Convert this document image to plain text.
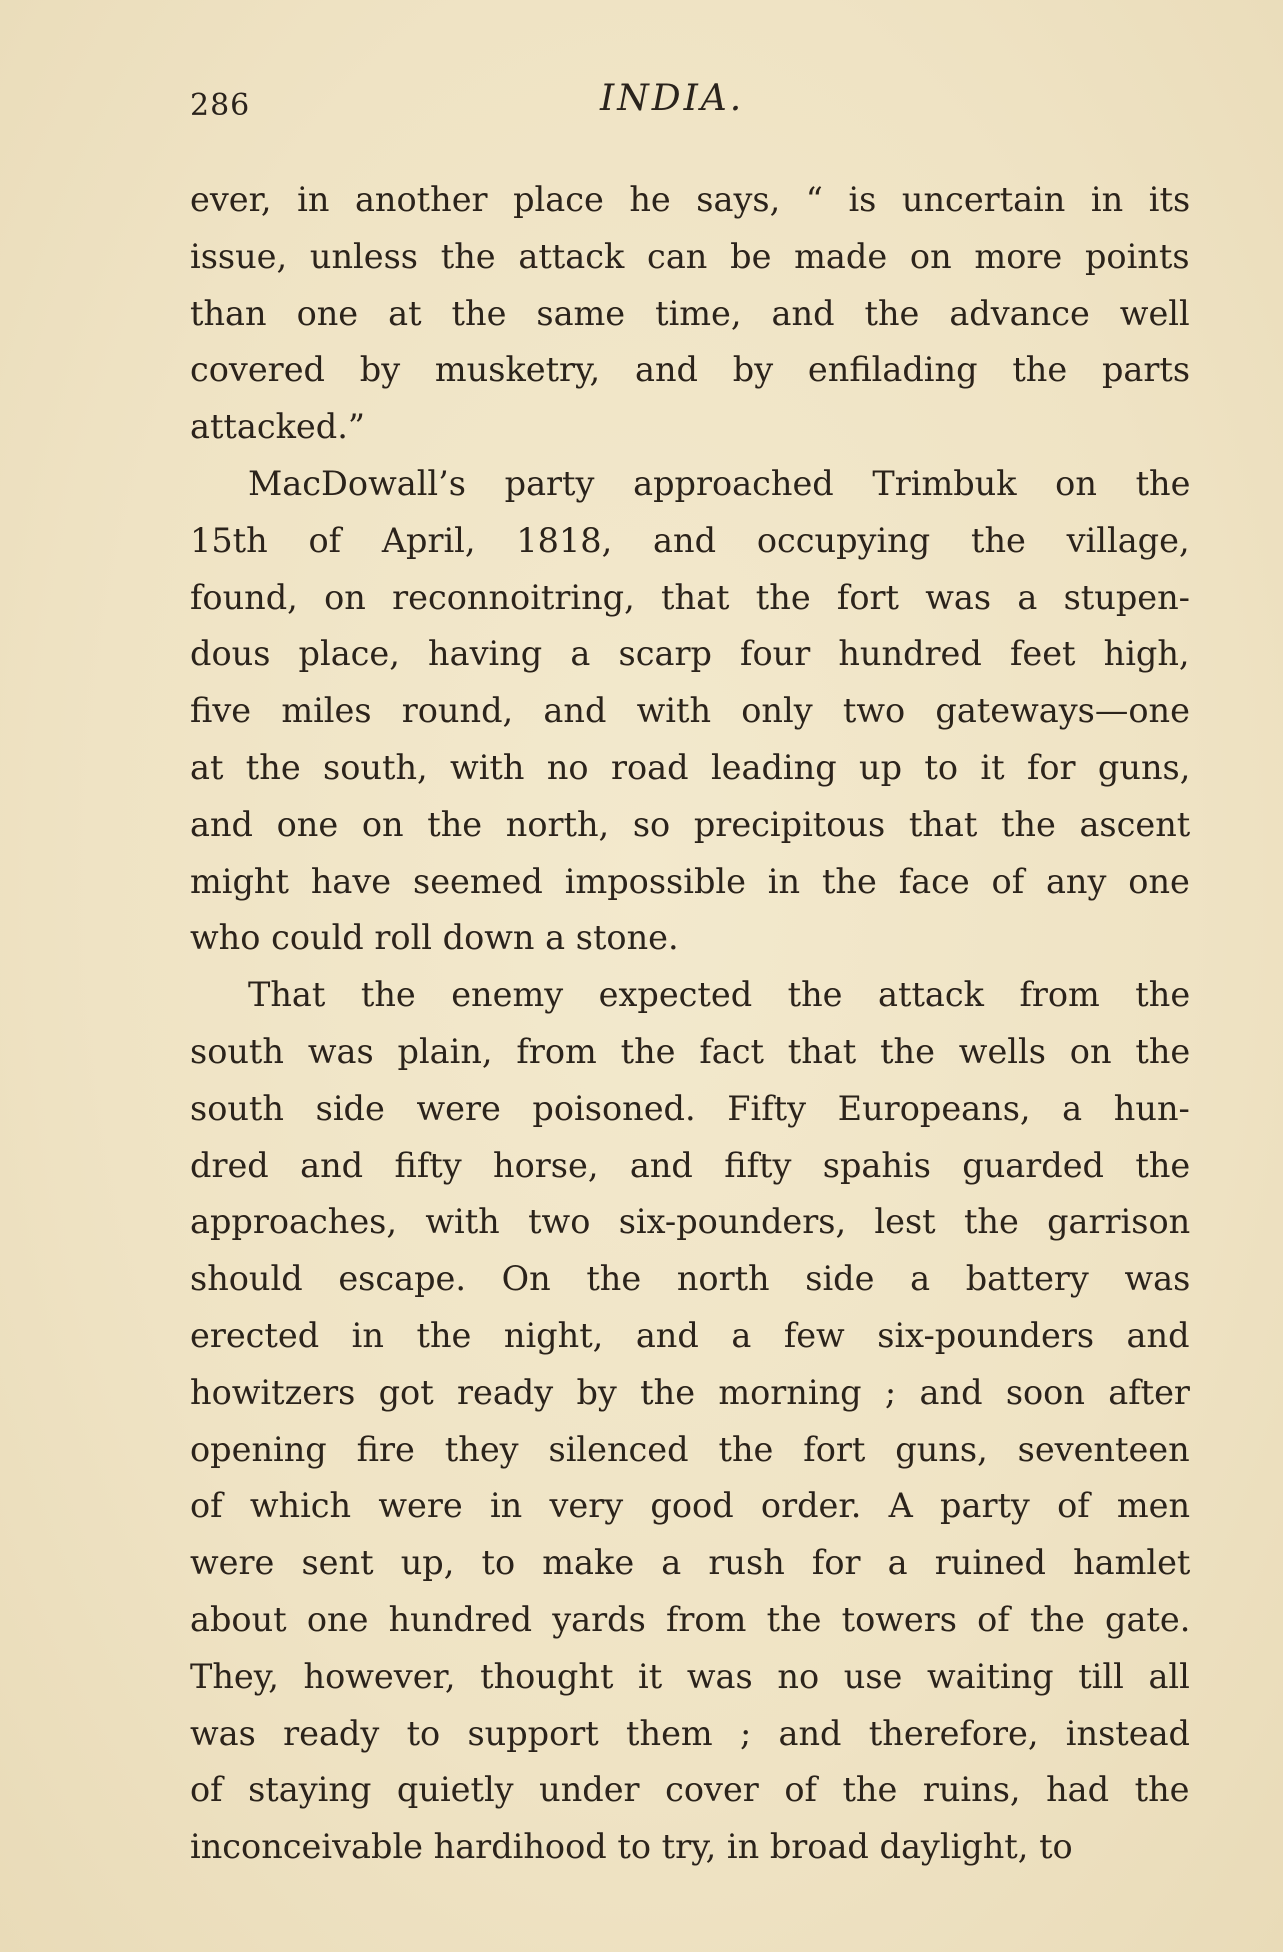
286	INDIA.
ever, in another place he says, “ is uncertain in its
issue, unless the attack can be made on more points
than one at the same time, and the advance well
covered by musketry, and by enfilading the parts
attacked.”
MacDowall’s party approached Trimbuk on the
15th of April, 1818, and occupying the village,
found, on reconnoitring, that the fort was a stupen-
dous place, having a scarp four hundred feet high,
five miles round, and with only two gateways—one
at the south, with no road leading up to it for guns,
and one on the north, so precipitous that the ascent
might have seemed impossible in the face of any one
who could roll down a stone.
That the enemy expected the attack from the
south was plain, from the fact that the wells on the
south side were poisoned. Fifty Europeans, a hun-
dred and fifty horse, and fifty spahis guarded the
approaches, with two six-pounders, lest the garrison
should escape. On the north side a battery was
erected in the night, and a few six-pounders and
howitzers got ready by the morning ; and soon after
opening fire they silenced the fort guns, seventeen
of which were in very good order. A party of men
were sent up, to make a rush for a ruined hamlet
about one hundred yards from the towers of the gate.
They, however, thought it was no use waiting till all
was ready to support them ; and therefore, instead
of staying quietly under cover of the ruins, had the
inconceivable hardihood to try, in broad daylight, to
